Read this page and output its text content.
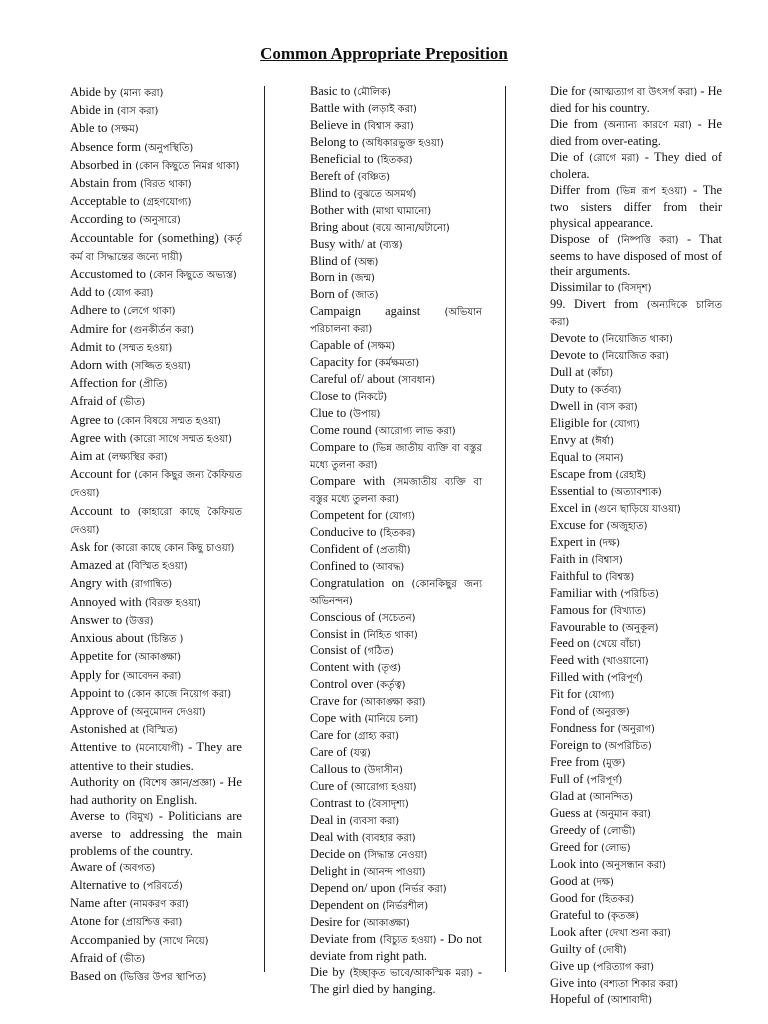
Common Appropriate Preposition
Abide by (মান্য করা)
Abide in (বাস করা)
Able to (সক্ষম)
Absence form (অনুপস্থিতি)
Absorbed in (কোন কিছুতে নিমগ্ন থাকা)
Abstain from (বিরত থাকা)
Acceptable to (গ্রহণযোগ্য)
According to (অনুসারে)
Accountable for (something) (কর্তৃ কর্ম বা সিদ্ধান্তের জন্যে দায়ী)
Accustomed to (কোন কিছুতে অভ্যস্ত)
Add to (যোগ করা)
Adhere to (লেগে থাকা)
Admire for (গুনকীর্তন করা)
Admit to (সম্মত হওয়া)
Adorn with (সজ্জিত হওয়া)
Affection for (প্রীতি)
Afraid of (ভীত)
Agree to (কোন বিষয়ে সম্মত হওয়া)
Agree with (কারো সাথে সম্মত হওয়া)
Aim at (লক্ষ্যস্থির করা)
Account for (কোন কিছুর জন্য কৈফিয়ত দেওয়া)
Account to (কাহারো কাছে কৈফিয়ত দেওয়া)
Ask for (কারো কাছে কোন কিছু চাওয়া)
Amazed at (বিস্মিত হওয়া)
Angry with (রাগান্বিত)
Annoyed with (বিরক্ত হওয়া)
Answer to (উত্তর)
Anxious about (চিন্তিত )
Appetite for (আকাঙ্ক্ষা)
Apply for (আবেদন করা)
Appoint to (কোন কাজে নিয়োগ করা)
Approve of (অনুমোদন দেওয়া)
Astonished at (বিস্মিত)
Attentive to (মনোযোগী) - They are attentive to their studies.
Authority on (বিশেষ জ্ঞান/প্রজ্ঞা) - He had authority on English.
Averse to (বিমুখ) - Politicians are averse to addressing the main problems of the country.
Aware of (অবগত)
Alternative to (পরিবর্তে)
Name after (নামকরণ করা)
Atone for (প্রায়শ্চিত্ত করা)
Accompanied by (সাথে নিয়ে)
Afraid of (ভীত)
Based on (ভিত্তির উপর স্থাপিত)
Basic to (মৌলিক)
Battle with (লড়াই করা)
Believe in (বিশ্বাস করা)
Belong to (অধিকারভুক্ত হওয়া)
Beneficial to (হিতকর)
Bereft of (বঞ্চিত)
Blind to (বুঝতে অসমর্থ)
Bother with (মাথা ঘামানো)
Bring about (বয়ে আনা/ঘটানো)
Busy with/ at (ব্যস্ত)
Blind of (অন্ধ)
Born in (জন্ম)
Born of (জাত)
Campaign against (অভিযান পরিচালনা করা)
Capable of (সক্ষম)
Capacity for (কর্মক্ষমতা)
Careful of/ about (সাবধান)
Close to (নিকটে)
Clue to (উপায়)
Come round (আরোগ্য লাভ করা)
Compare to (ভিন্ন জাতীয় ব্যক্তি বা বস্তুর মধ্যে তুলনা করা)
Compare with (সমজাতীয় ব্যক্তি বা বস্তুর মধ্যে তুলনা করা)
Competent for (যোগ্য)
Conducive to (হিতকর)
Confident of (প্রত্যয়ী)
Confined to (আবদ্ধ)
Congratulation on (কোনকিছুর জন্য অভিনন্দন)
Conscious of (সচেতন)
Consist in (নিহিত থাকা)
Consist of (গঠিত)
Content with (তৃপ্ত)
Control over (কর্তৃত্ব)
Crave for (আকাঙ্ক্ষা করা)
Cope with (মানিয়ে চলা)
Care for (গ্রাহ্য করা)
Care of (যত্ন)
Callous to (উদাসীন)
Cure of (আরোগ্য হওয়া)
Contrast to (বৈসাদৃশ্য)
Deal in (ব্যবসা করা)
Deal with (ব্যবহার করা)
Decide on (সিদ্ধান্ত নেওয়া)
Delight in (আনন্দ পাওয়া)
Depend on/ upon (নির্ভর করা)
Dependent on (নির্ভরশীল)
Desire for (আকাঙ্ক্ষা)
Deviate from (বিচ্যুত হওয়া) - Do not deviate from right path.
Die by (ইচ্ছাকৃত ভাবে/আকস্মিক মরা) - The girl died by hanging.
Die for (আত্মত্যাগ বা উৎসর্গ করা) - He died for his country.
Die from (অন্যান্য কারণে মরা) - He died from over-eating.
Die of (রোগে মরা) - They died of cholera.
Differ from (ভিন্ন রূপ হওয়া) - The two sisters differ from their physical appearance.
Dispose of (নিষ্পত্তি করা) - That seems to have disposed of most of their arguments.
Dissimilar to (বিসদৃশ)
99. Divert from (অন্যদিকে চালিত করা)
Devote to (নিয়োজিত থাকা)
Devote to (নিয়োজিত করা)
Dull at (কাঁচা)
Duty to (কর্তব্য)
Dwell in (বাস করা)
Eligible for (যোগ্য)
Envy at (ঈর্ষা)
Equal to (সমান)
Escape from (রেহাই)
Essential to (অত্যাবশ্যক)
Excel in (গুনে ছাড়িয়ে যাওয়া)
Excuse for (অজুহাত)
Expert in (দক্ষ)
Faith in (বিশ্বাস)
Faithful to (বিশ্বস্ত)
Familiar with (পরিচিত)
Famous for (বিখ্যাত)
Favourable to (অনুকূল)
Feed on (খেয়ে বাঁচা)
Feed with (খাওয়ানো)
Filled with (পরিপূর্ণ)
Fit for (যোগ্য)
Fond of (অনুরক্ত)
Fondness for (অনুরাগ)
Foreign to (অপরিচিত)
Free from (মুক্ত)
Full of (পরিপূর্ণ)
Glad at (আনন্দিত)
Guess at (অনুমান করা)
Greedy of (লোভী)
Greed for (লোভ)
Look into (অনুসন্ধান করা)
Good at (দক্ষ)
Good for (হিতকর)
Grateful to (কৃতজ্ঞ)
Look after (দেখা শুনা করা)
Guilty of (দোষী)
Give up (পরিত্যাগ করা)
Give into (বশ্যতা শিকার করা)
Hopeful of (আশাবাদী)
